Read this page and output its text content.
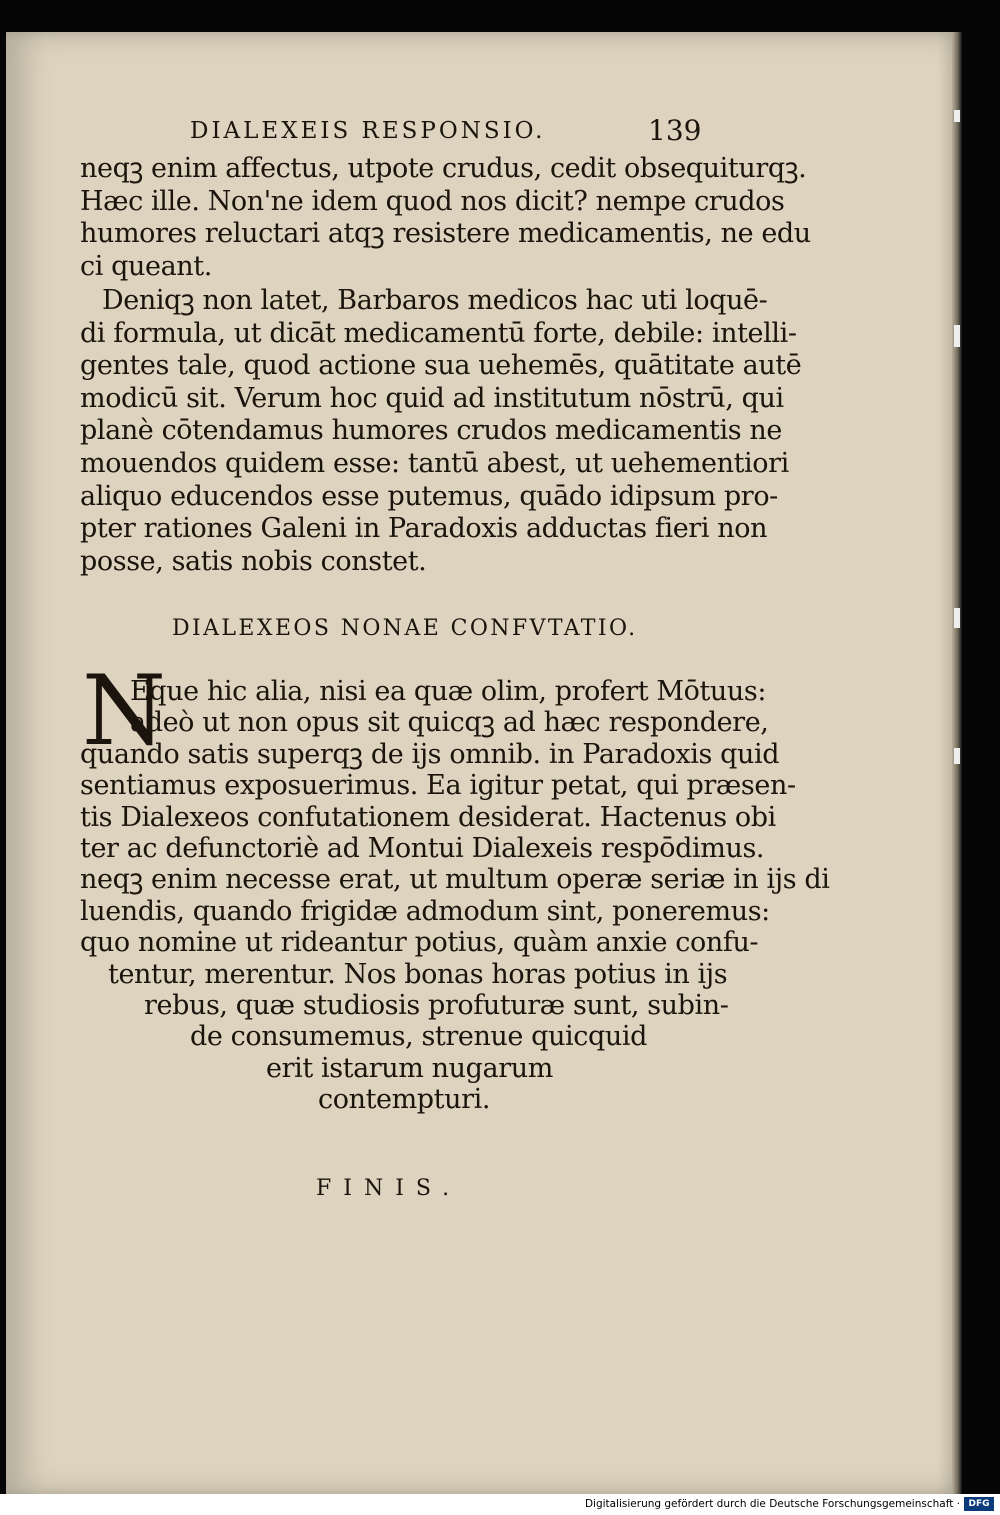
DIALEXEIS RESPONSIO.	139
neqꝫ enim affectus, utpote crudus, cedit obsequiturqꝫ.
Hæc ille. Non'ne idem quod nos dicit? nempe crudos
humores reluctari atqꝫ resistere medicamentis, ne edu
ci queant.
Deniqꝫ non latet, Barbaros medicos hac uti loquē-
di formula, ut dicāt medicamentū forte, debile: intelli-
gentes tale, quod actione sua uehemēs, quātitate autē
modicū sit. Verum hoc quid ad institutum nōstrū, qui
planè cōtendamus humores crudos medicamentis ne
mouendos quidem esse: tantū abest, ut uehementiori
aliquo educendos esse putemus, quādo idipsum pro-
pter rationes Galeni in Paradoxis adductas fieri non
posse, satis nobis constet.
DIALEXEOS NONAE CONFVTATIO.
N
Eque hic alia, nisi ea quæ olim, profert Mōtuus:
adeò ut non opus sit quicqꝫ ad hæc respondere,
quando satis superqꝫ de ijs omnib. in Paradoxis quid
sentiamus exposuerimus. Ea igitur petat, qui præsen-
tis Dialexeos confutationem desiderat. Hactenus obi
ter ac defunctoriè ad Montui Dialexeis respōdimus.
neqꝫ enim necesse erat, ut multum operæ seriæ in ijs di
luendis, quando frigidæ admodum sint, poneremus:
quo nomine ut rideantur potius, quàm anxie confu-
tentur, merentur. Nos bonas horas potius in ijs
rebus, quæ studiosis profuturæ sunt, subin-
de consumemus, strenue quicquid
erit istarum nugarum
contempturi.
FINIS.
Digitalisierung gefördert durch die Deutsche Forschungsgemeinschaft · DFG
